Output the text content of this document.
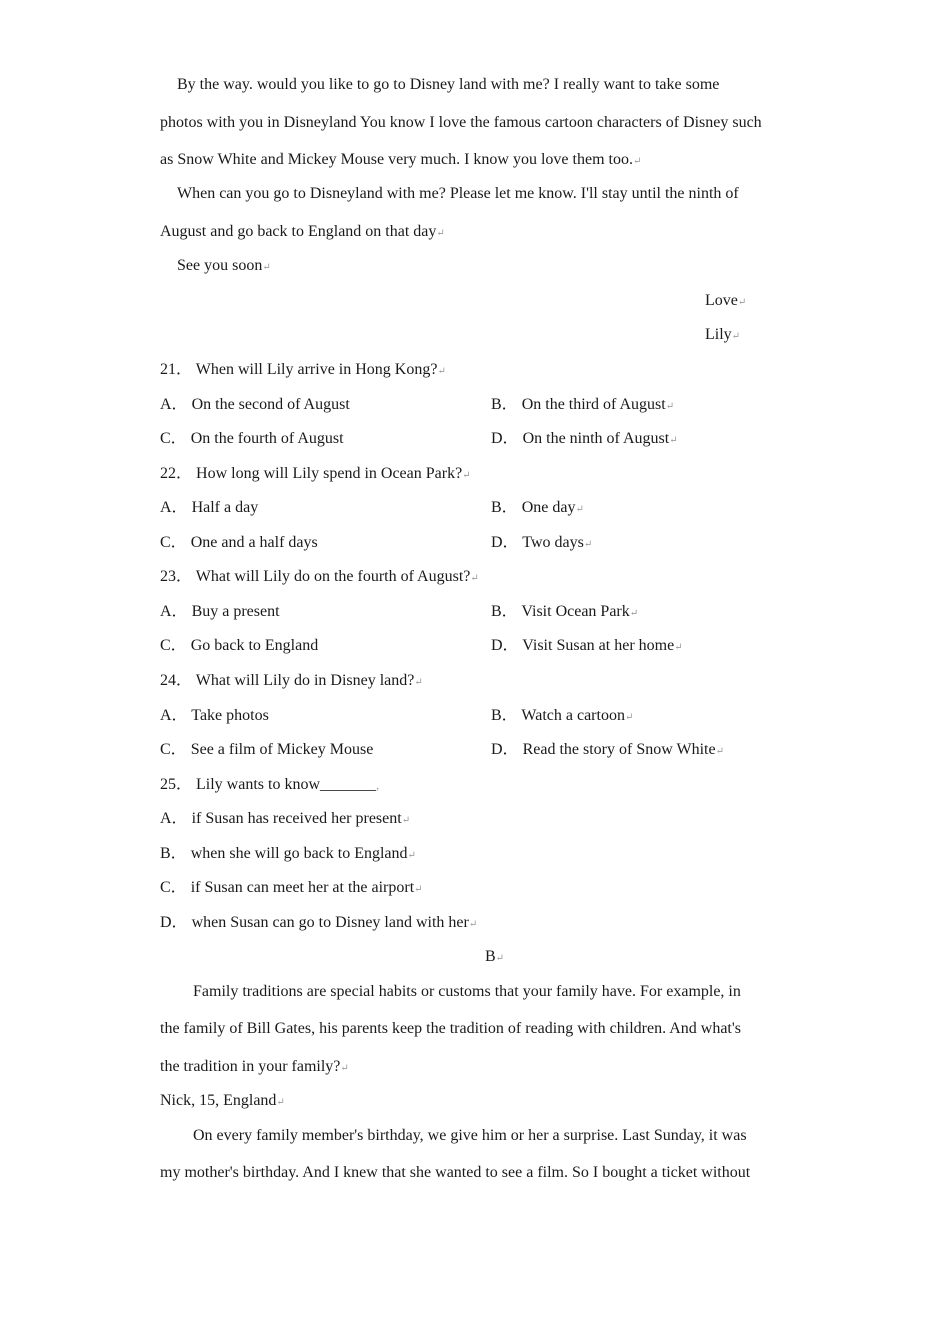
By the way. would you like to go to Disney land with me? I really want to take some
photos with you in Disneyland You know I love the famous cartoon characters of Disney such
as Snow White and Mickey Mouse very much. I know you love them too.↵
When can you go to Disneyland with me? Please let me know. I'll stay until the ninth of
August and go back to England on that day↵
See you soon↵
Love↵
Lily↵
21． When will Lily arrive in Hong Kong?↵
A． On the second of August	B． On the third of August↵
C． On the fourth of August	D． On the ninth of August↵
22． How long will Lily spend in Ocean Park?↵
A． Half a day	B． One day↵
C． One and a half days	D． Two days↵
23． What will Lily do on the fourth of August?↵
A． Buy a present	B． Visit Ocean Park↵
C． Go back to England	D． Visit Susan at her home↵
24． What will Lily do in Disney land?↵
A． Take photos	B． Watch a cartoon↵
C． See a film of Mickey Mouse	D． Read the story of Snow White↵
25． Lily wants to know_______，
A． if Susan has received her present↵
B． when she will go back to England↵
C． if Susan can meet her at the airport↵
D． when Susan can go to Disney land with her↵
B↵
Family traditions are special habits or customs that your family have. For example, in
the family of Bill Gates, his parents keep the tradition of reading with children. And what's
the tradition in your family?↵
Nick, 15, England↵
On every family member's birthday, we give him or her a surprise. Last Sunday, it was
my mother's birthday. And I knew that she wanted to see a film. So I bought a ticket without
